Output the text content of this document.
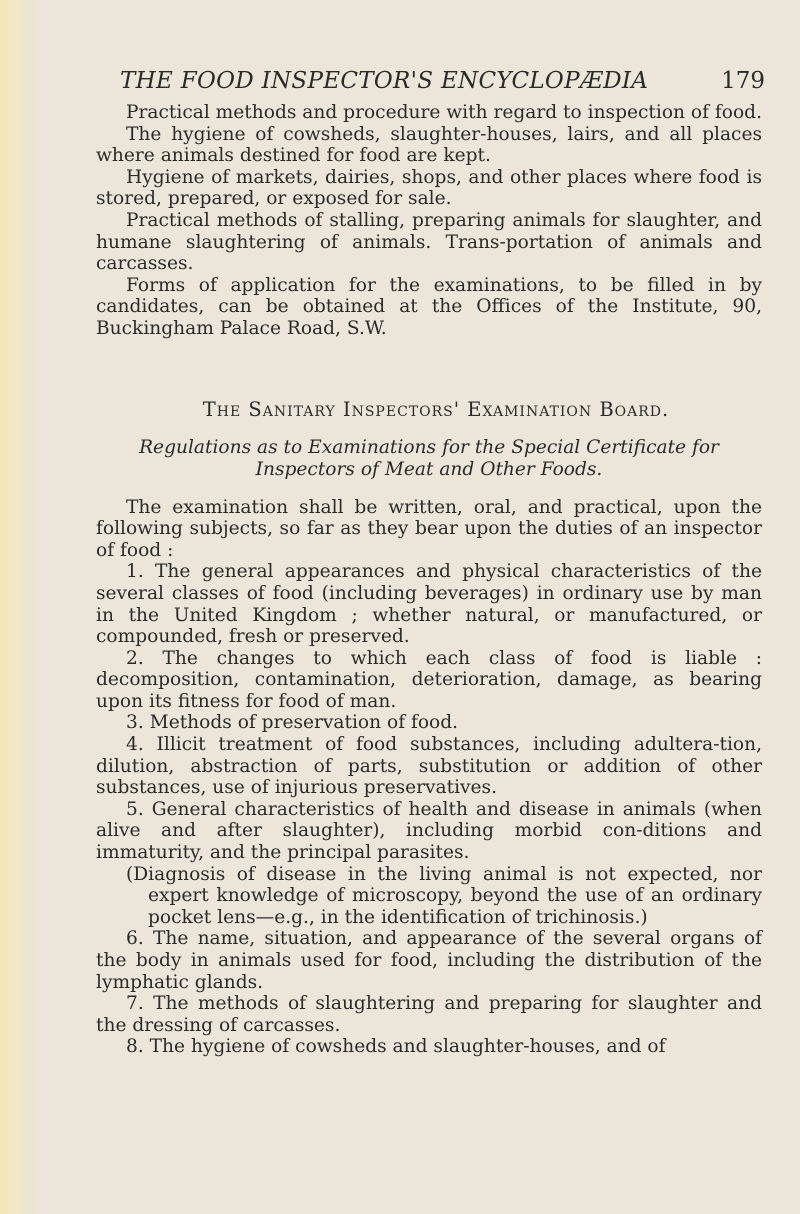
THE FOOD INSPECTOR'S ENCYCLOPÆDIA	179

Practical methods and procedure with regard to inspection of food.

The hygiene of cowsheds, slaughter-houses, lairs, and all places where animals destined for food are kept.

Hygiene of markets, dairies, shops, and other places where food is stored, prepared, or exposed for sale.

Practical methods of stalling, preparing animals for slaughter, and humane slaughtering of animals. Trans-portation of animals and carcasses.

Forms of application for the examinations, to be filled in by candidates, can be obtained at the Offices of the Institute, 90, Buckingham Palace Road, S.W.

The Sanitary Inspectors' Examination Board.
Regulations as to Examinations for the Special Certificate for Inspectors of Meat and Other Foods.

The examination shall be written, oral, and practical, upon the following subjects, so far as they bear upon the duties of an inspector of food :

1. The general appearances and physical characteristics of the several classes of food (including beverages) in ordinary use by man in the United Kingdom ; whether natural, or manufactured, or compounded, fresh or preserved.

2. The changes to which each class of food is liable : decomposition, contamination, deterioration, damage, as bearing upon its fitness for food of man.

3. Methods of preservation of food.

4. Illicit treatment of food substances, including adultera-tion, dilution, abstraction of parts, substitution or addition of other substances, use of injurious preservatives.

5. General characteristics of health and disease in animals (when alive and after slaughter), including morbid con-ditions and immaturity, and the principal parasites.

(Diagnosis of disease in the living animal is not expected, nor expert knowledge of microscopy, beyond the use of an ordinary pocket lens—e.g., in the identification of trichinosis.)

6. The name, situation, and appearance of the several organs of the body in animals used for food, including the distribution of the lymphatic glands.

7. The methods of slaughtering and preparing for slaughter and the dressing of carcasses.

8. The hygiene of cowsheds and slaughter-houses, and of
